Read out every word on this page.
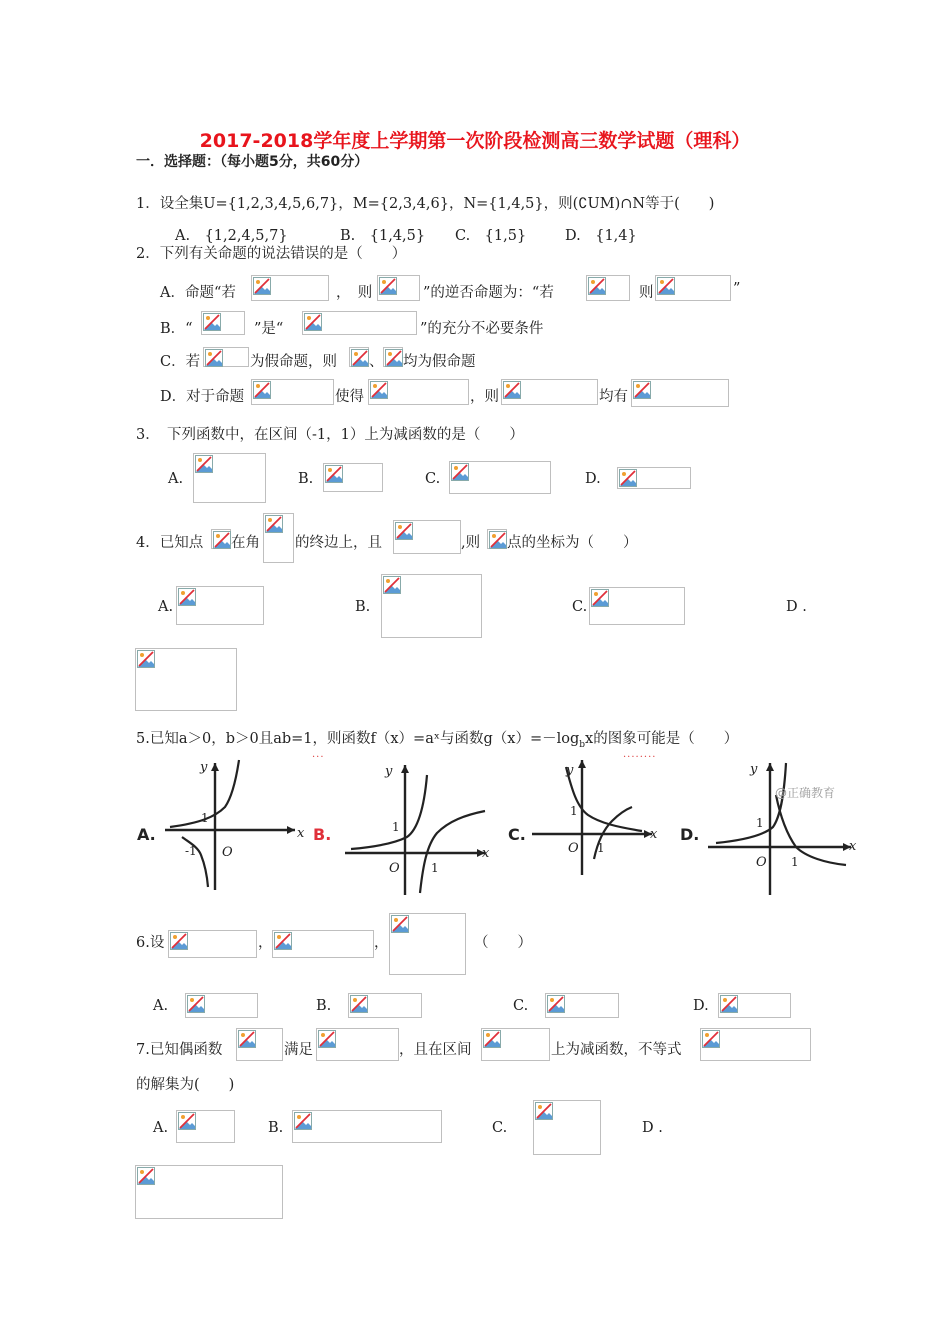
2017-2018学年度上学期第一次阶段检测高三数学试题（理科）
一．选择题：（每小题5分，共60分）
1．设全集U={1,2,3,4,5,6,7}，M={2,3,4,6}，N={1,4,5}，则(∁UM)∩N等于(　　)
A.　{1,2,4,5,7}	B.　{1,4,5} C.　{1,5}	D.　{1,4}
2．下列有关命题的说法错误的是（　　）
A．命题“若	，　则	”的逆否命题为：“若	则	”
B．“	”是“	”的充分不必要条件
C．若	为假命题，则 、 均为假命题
D．对于命题	使得	，则	均有
3．　下列函数中，在区间（-1，1）上为减函数的是（　　）
A.	B.	C.	D.
4．已知点 在角 的终边上，且	,则 点的坐标为（　　）
A.	B.	C.	D .
5.已知a＞0，b＞0且ab=1，则函数f（x）=aˣ与函数$g(x)=-\log_bx$的图象可能是（　　）
···	········
A.
y
x
1
-1 O
B.
y
x
1
O	1
C.
y
x
1
O 1
D.
y
x
1
O 1
@正确教育
6.设	，	，	（　　）
A.	B.	C.	D.
7.已知偶函数	满足	，且在区间	上为减函数，不等式
的解集为(　　)
A.	B.	C.	D .
